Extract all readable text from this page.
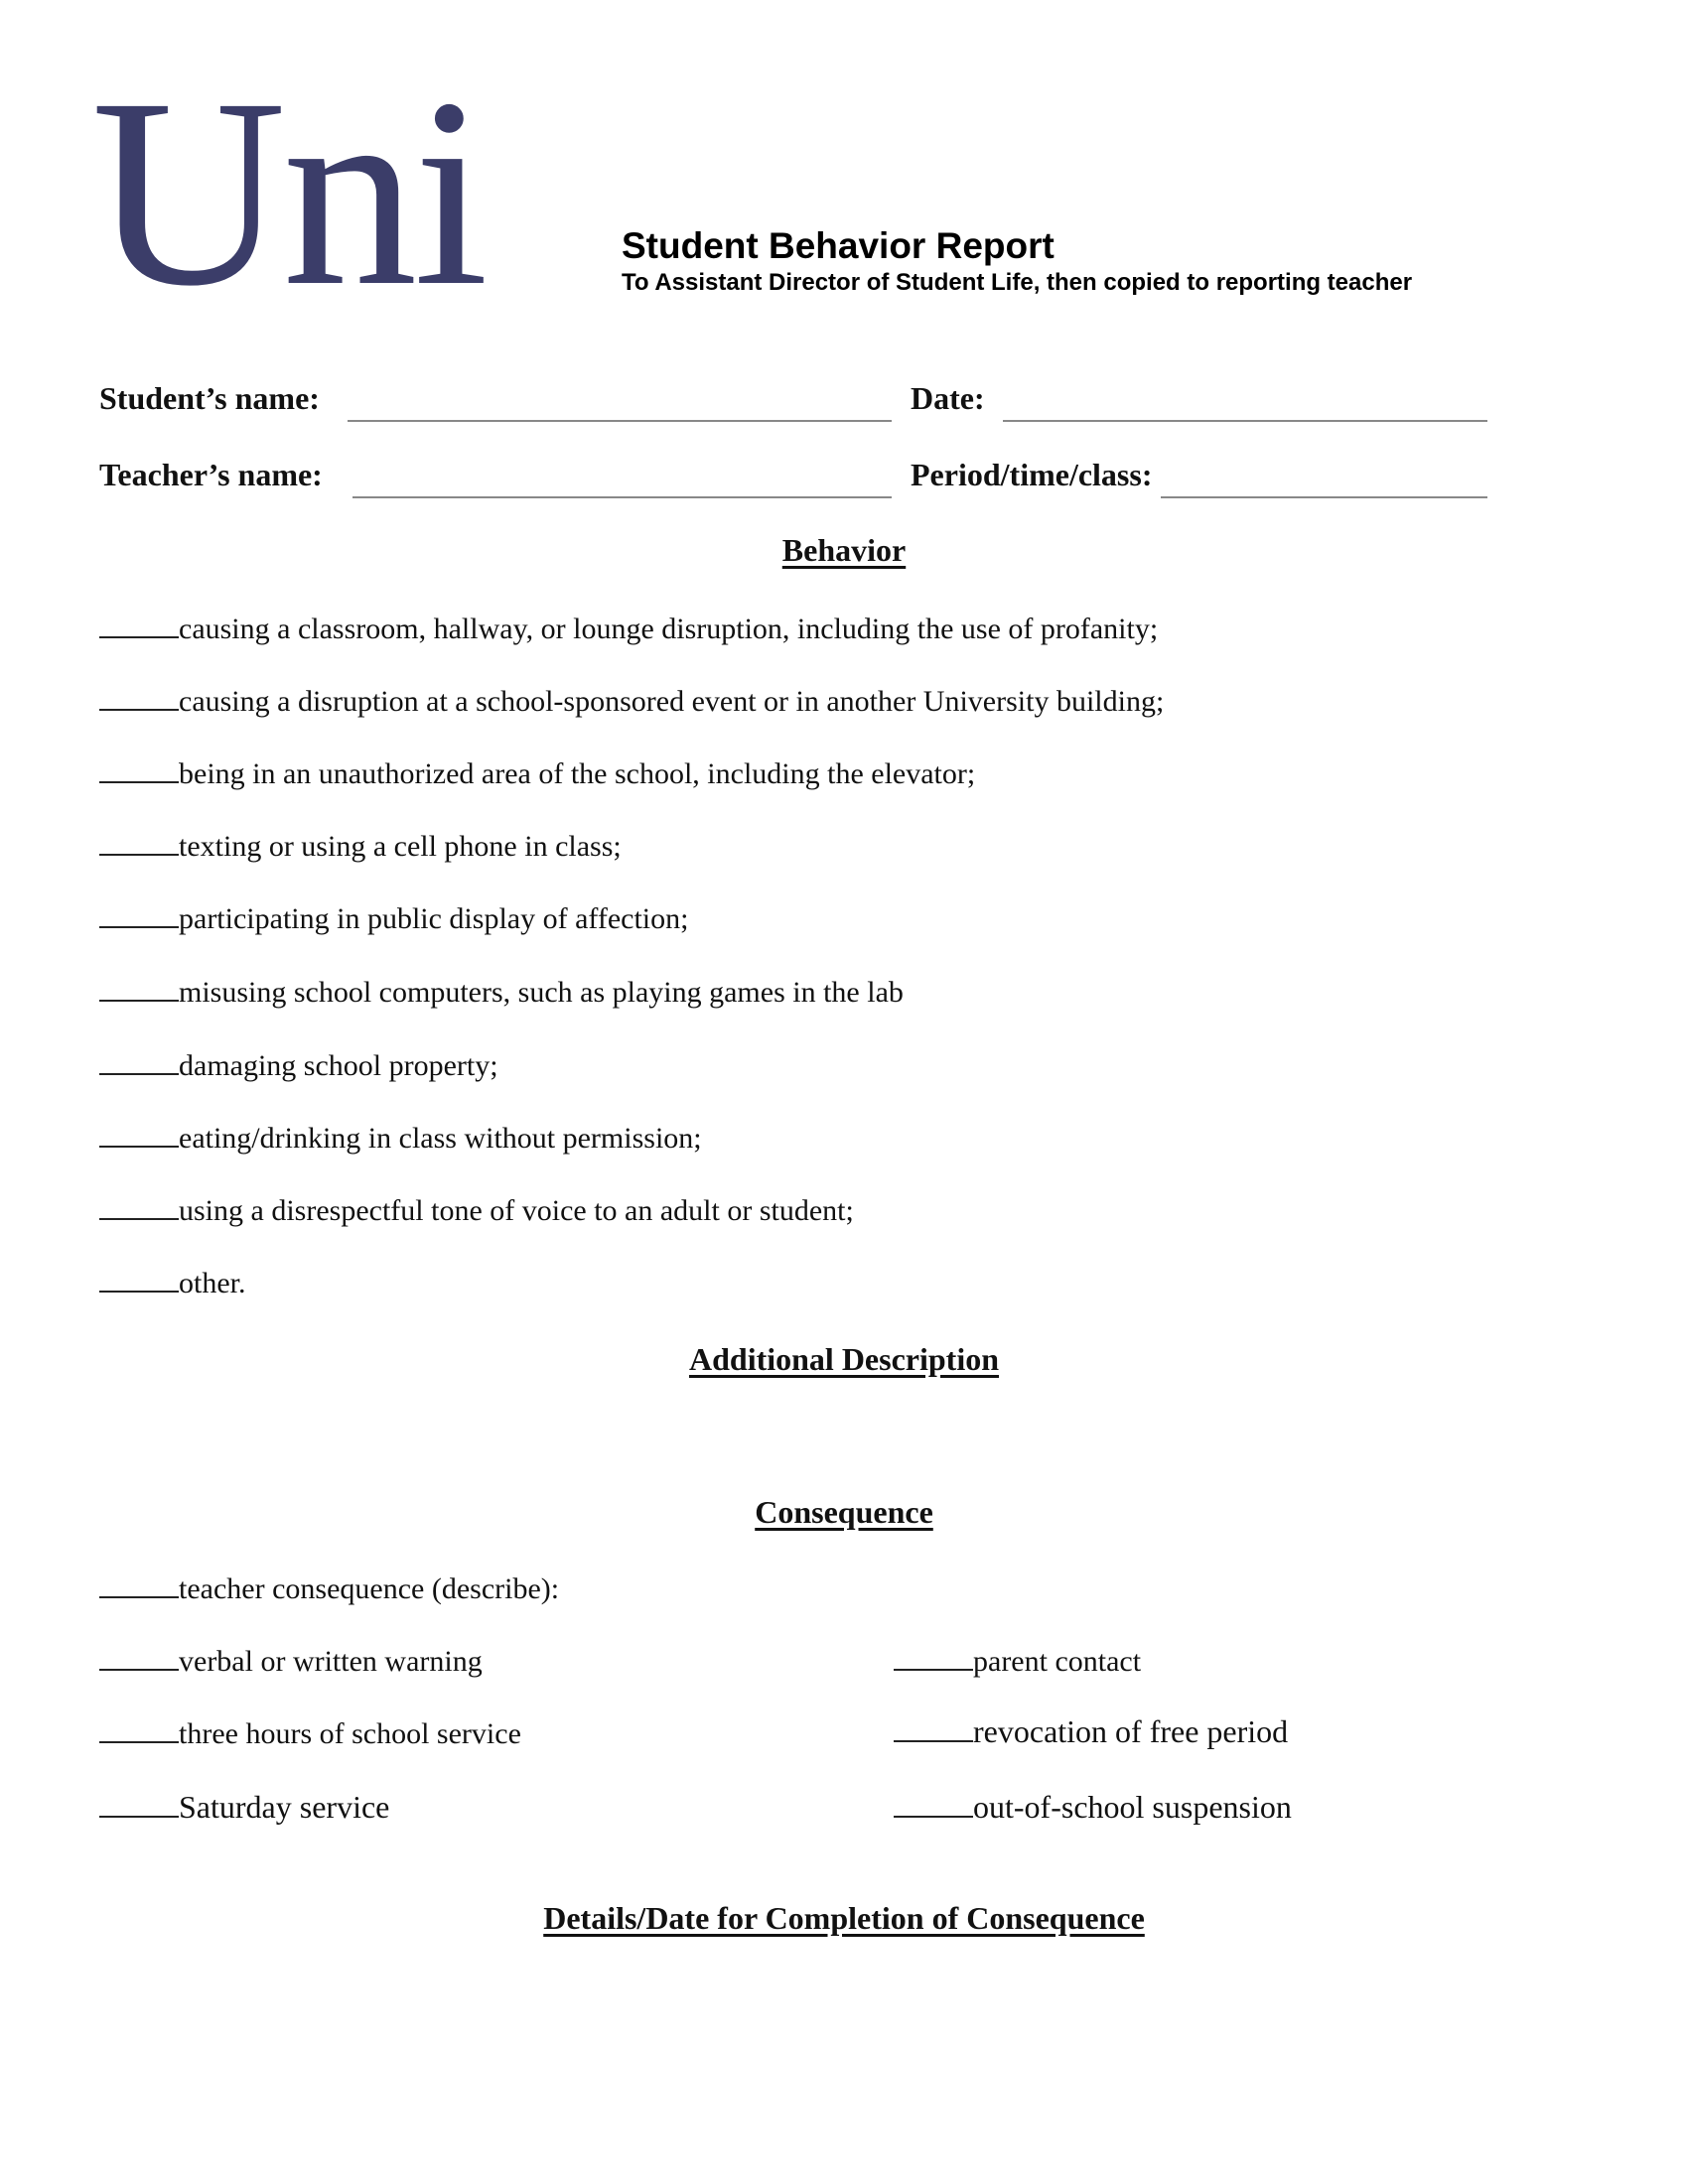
Uni	Student Behavior Report
To Assistant Director of Student Life, then copied to reporting teacher
Student’s name:	Date:
Teacher’s name:	Period/time/class:
Behavior
causing a classroom, hallway, or lounge disruption, including the use of profanity;
causing a disruption at a school-sponsored event or in another University building;
being in an unauthorized area of the school, including the elevator;
texting or using a cell phone in class;
participating in public display of affection;
misusing school computers, such as playing games in the lab
damaging school property;
eating/drinking in class without permission;
using a disrespectful tone of voice to an adult or student;
other.
Additional Description
Consequence
teacher consequence (describe):
verbal or written warning	parent contact
three hours of school service	revocation of free period
Saturday service	out-of-school suspension
Details/Date for Completion of Consequence
